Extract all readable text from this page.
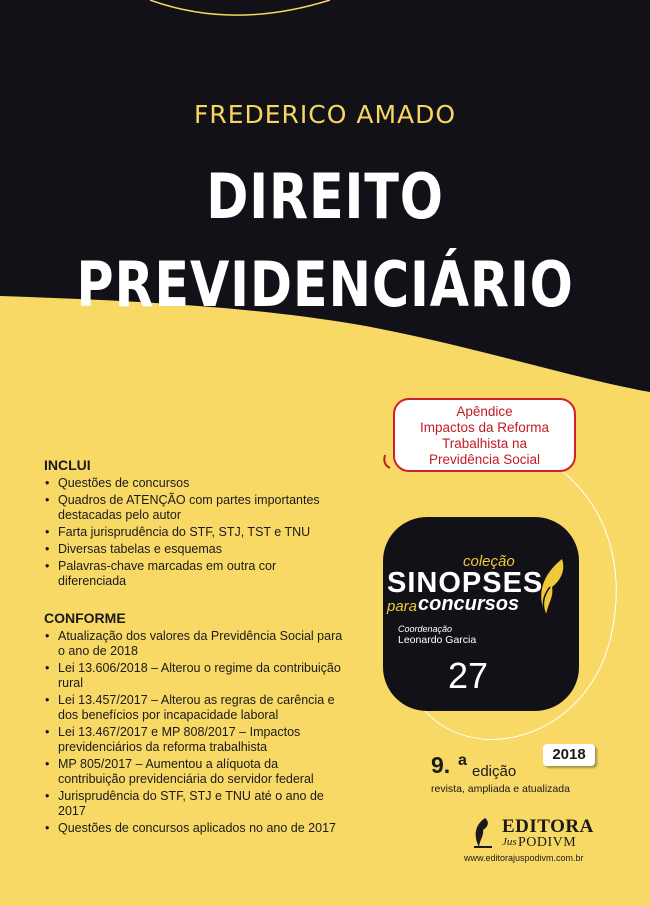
FREDERICO AMADO
DIREITO
PREVIDENCIÁRIO
Apêndice
Impactos da Reforma
Trabalhista na
Previdência Social
INCLUI
• Questões de concursos
• Quadros de ATENÇÃO com partes importantes destacadas pelo autor
• Farta jurisprudência do STF, STJ, TST e TNU
• Diversas tabelas e esquemas
• Palavras-chave marcadas em outra cor diferenciada
CONFORME
• Atualização dos valores da Previdência Social para o ano de 2018
• Lei 13.606/2018 – Alterou o regime da contribuição rural
• Lei 13.457/2017 – Alterou as regras de carência e dos benefícios por incapacidade laboral
• Lei 13.467/2017 e MP 808/2017 – Impactos previdenciários da reforma trabalhista
• MP 805/2017 – Aumentou a alíquota da contribuição previdenciária do servidor federal
• Jurisprudência do STF, STJ e TNU até o ano de 2017
• Questões de concursos aplicados no ano de 2017
coleção
SINOPSES
para concursos
Coordenação
Leonardo Garcia
27
9. a
edição
2018
revista, ampliada e atualizada
EDITORA
Jus PODIVM
www.editorajuspodivm.com.br
